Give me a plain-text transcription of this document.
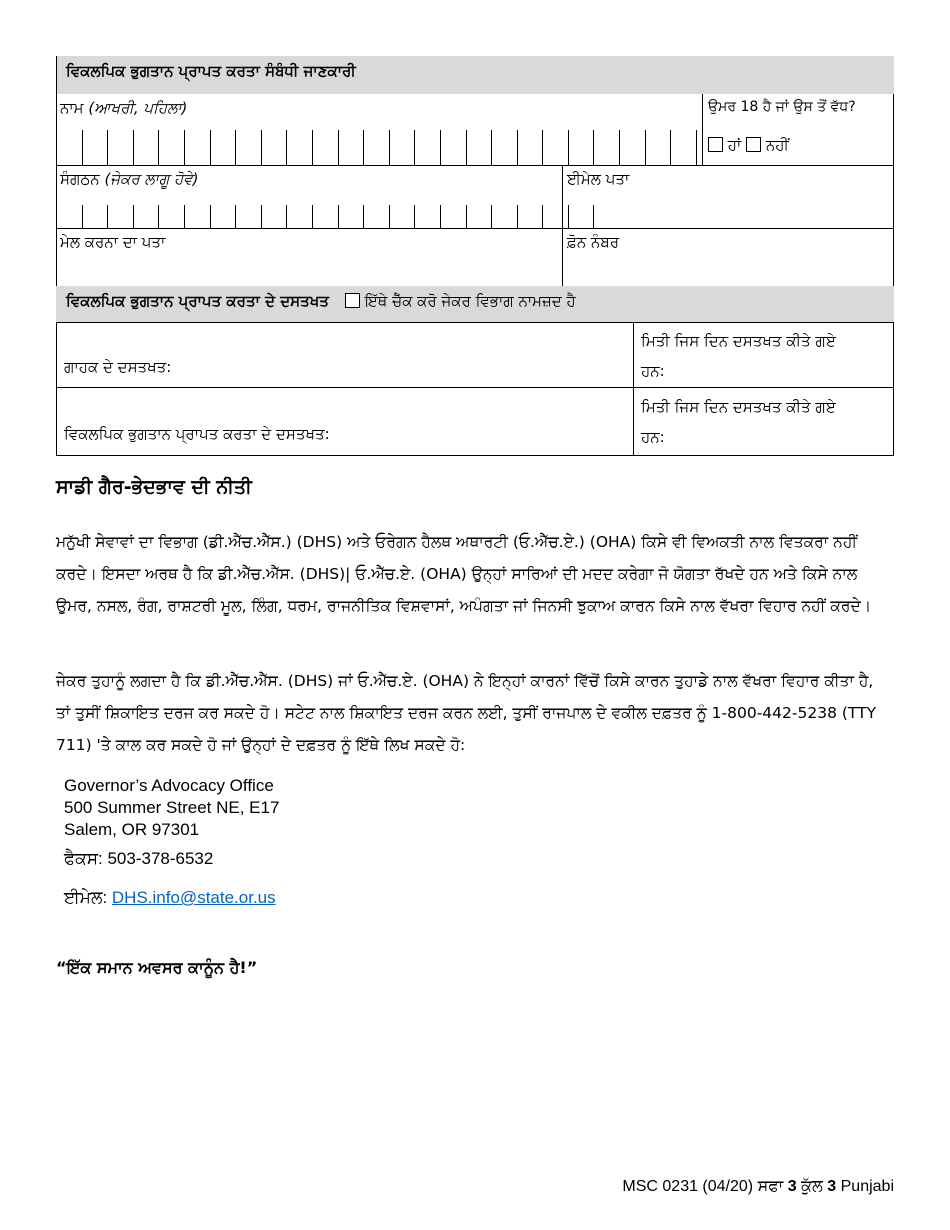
ਵਿਕਲਪਿਕ ਭੁਗਤਾਨ ਪ੍ਰਾਪਤ ਕਰਤਾ ਸੰਬੰਧੀ ਜਾਣਕਾਰੀ
ਨਾਮ (ਆਖਰੀ, ਪਹਿਲਾ)	ਉਮਰ 18 ਹੈ ਜਾਂ ਉਸ ਤੋਂ ਵੱਧ?
ਹਾਂ ਨਹੀਂ
ਸੰਗਠਨ (ਜੇਕਰ ਲਾਗੂ ਹੋਵੇ)	ਈਮੇਲ ਪਤਾ
ਮੇਲ ਕਰਨਾ ਦਾ ਪਤਾ	ਫ਼ੋਨ ਨੰਬਰ
ਵਿਕਲਪਿਕ ਭੁਗਤਾਨ ਪ੍ਰਾਪਤ ਕਰਤਾ ਦੇ ਦਸਤਖਤ ਇੱਥੇ ਚੈੱਕ ਕਰੋ ਜੇਕਰ ਵਿਭਾਗ ਨਾਮਜ਼ਦ ਹੈ
ਗਾਹਕ ਦੇ ਦਸਤਖਤ:
ਮਿਤੀ ਜਿਸ ਦਿਨ ਦਸਤਖਤ ਕੀਤੇ ਗਏ
ਹਨ:
ਵਿਕਲਪਿਕ ਭੁਗਤਾਨ ਪ੍ਰਾਪਤ ਕਰਤਾ ਦੇ ਦਸਤਖਤ:
ਮਿਤੀ ਜਿਸ ਦਿਨ ਦਸਤਖਤ ਕੀਤੇ ਗਏ
ਹਨ:
ਸਾਡੀ ਗੈਰ-ਭੇਦਭਾਵ ਦੀ ਨੀਤੀ
ਮਨੁੱਖੀ ਸੇਵਾਵਾਂ ਦਾ ਵਿਭਾਗ (ਡੀ.ਐੱਚ.ਐੱਸ.) (DHS) ਅਤੇ ਓਰੇਗਨ ਹੈਲਥ ਅਥਾਰਟੀ (ਓ.ਐੱਚ.ਏ.) (OHA) ਕਿਸੇ ਵੀ ਵਿਅਕਤੀ ਨਾਲ ਵਿਤਕਰਾ ਨਹੀਂ ਕਰਦੇ। ਇਸਦਾ ਅਰਥ ਹੈ ਕਿ ਡੀ.ਐੱਚ.ਐੱਸ. (DHS)| ਓ.ਐੱਚ.ਏ. (OHA) ਉਨ੍ਹਾਂ ਸਾਰਿਆਂ ਦੀ ਮਦਦ ਕਰੇਗਾ ਜੋ ਯੋਗਤਾ ਰੱਖਦੇ ਹਨ ਅਤੇ ਕਿਸੇ ਨਾਲ ਉਮਰ, ਨਸਲ, ਰੰਗ, ਰਾਸ਼ਟਰੀ ਮੂਲ, ਲਿੰਗ, ਧਰਮ, ਰਾਜਨੀਤਿਕ ਵਿਸ਼ਵਾਸਾਂ, ਅਪੰਗਤਾ ਜਾਂ ਜਿਨਸੀ ਝੁਕਾਅ ਕਾਰਨ ਕਿਸੇ ਨਾਲ ਵੱਖਰਾ ਵਿਹਾਰ ਨਹੀਂ ਕਰਦੇ।
ਜੇਕਰ ਤੁਹਾਨੂੰ ਲਗਦਾ ਹੈ ਕਿ ਡੀ.ਐੱਚ.ਐੱਸ. (DHS) ਜਾਂ ਓ.ਐੱਚ.ਏ. (OHA) ਨੇ ਇਨ੍ਹਾਂ ਕਾਰਨਾਂ ਵਿੱਚੋਂ ਕਿਸੇ ਕਾਰਨ ਤੁਹਾਡੇ ਨਾਲ ਵੱਖਰਾ ਵਿਹਾਰ ਕੀਤਾ ਹੈ, ਤਾਂ ਤੁਸੀਂ ਸ਼ਿਕਾਇਤ ਦਰਜ ਕਰ ਸਕਦੇ ਹੋ। ਸਟੇਟ ਨਾਲ ਸ਼ਿਕਾਇਤ ਦਰਜ ਕਰਨ ਲਈ, ਤੁਸੀਂ ਰਾਜਪਾਲ ਦੇ ਵਕੀਲ ਦਫ਼ਤਰ ਨੂੰ 1-800-442-5238 (TTY 711) 'ਤੇ ਕਾਲ ਕਰ ਸਕਦੇ ਹੋ ਜਾਂ ਉਨ੍ਹਾਂ ਦੇ ਦਫ਼ਤਰ ਨੂੰ ਇੱਥੇ ਲਿਖ ਸਕਦੇ ਹੋ:
Governor’s Advocacy Office
500 Summer Street NE, E17
Salem, OR 97301
ਫੈਕਸ: 503-378-6532
ਈਮੇਲ: DHS.info@state.or.us
“ਇੱਕ ਸਮਾਨ ਅਵਸਰ ਕਾਨੂੰਨ ਹੈ!”
MSC 0231 (04/20) ਸਫਾ 3 ਕੁੱਲ 3 Punjabi
